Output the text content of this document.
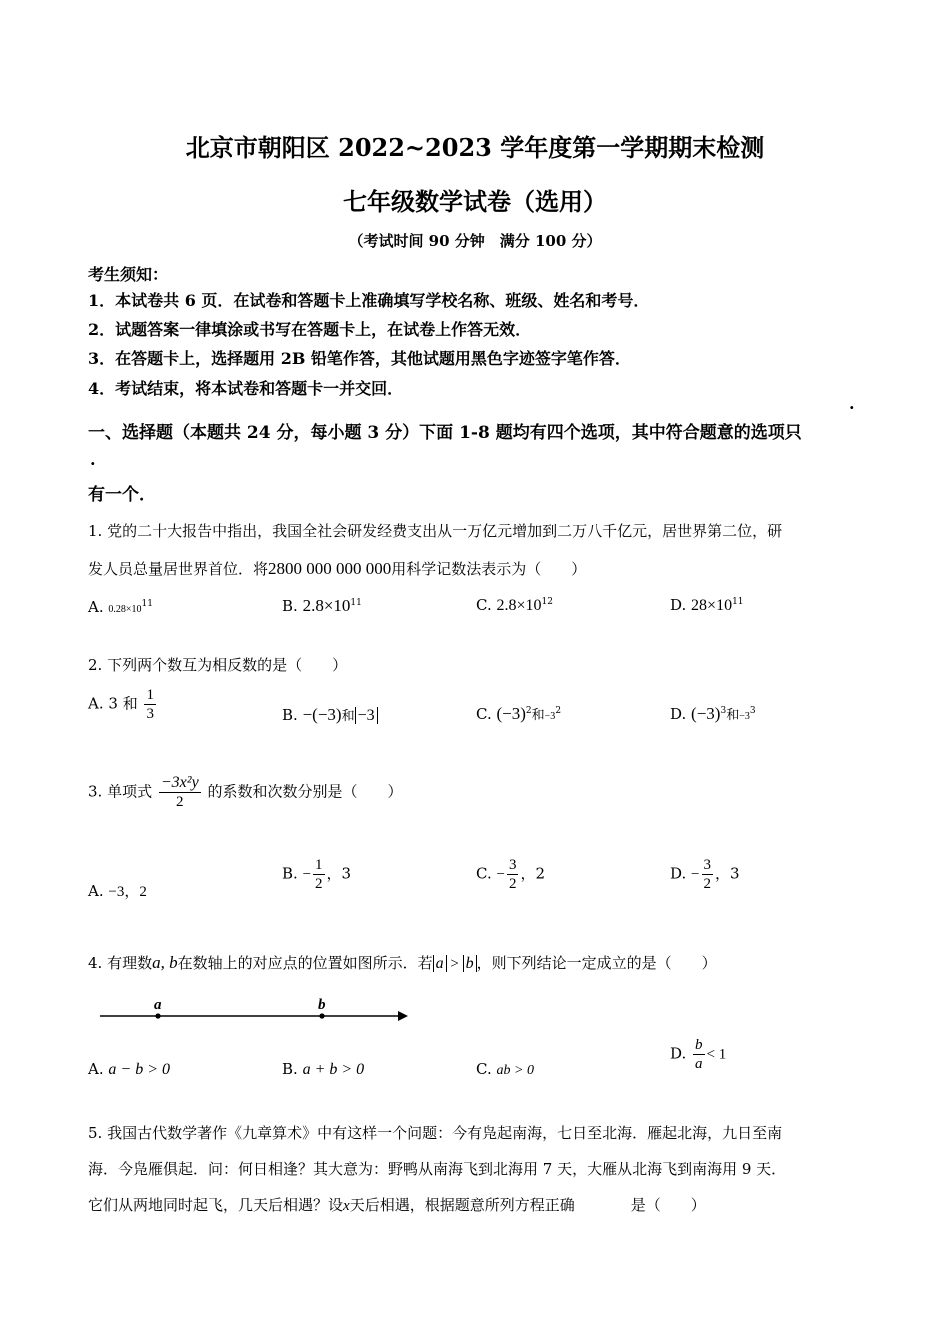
北京市朝阳区 2022~2023 学年度第一学期期末检测
七年级数学试卷（选用）
（考试时间 90 分钟　满分 100 分）
考生须知：
1．本试卷共 6 页．在试卷和答题卡上准确填写学校名称、班级、姓名和考号．
2．试题答案一律填涂或书写在答题卡上，在试卷上作答无效．
3．在答题卡上，选择题用 2B 铅笔作答，其他试题用黑色字迹签字笔作答．
4．考试结束，将本试卷和答题卡一并交回．
一、选择题（本题共 24 分，每小题 3 分）下面 1-8 题均有四个选项，其中符合题意的选项只
·
·
有一个．
1. 党的二十大报告中指出，我国全社会研发经费支出从一万亿元增加到二万八千亿元，居世界第二位，研
发人员总量居世界首位．将2800 000 000 000用科学记数法表示为（　　）
A. $0.28\times 10^{11}$	B. $2.8\times 10^{11}$	C. $2.8\times 10^{12}$	D. $28\times 10^{11}$
2. 下列两个数互为相反数的是（　　）
A. 3 和 $\frac{1}{3}$	B. −(−3)和 −3	C. $(-3)^2$和$-3^2$	D. $(-3)^3$和$-3^3$
3. 单项式 $\frac{\text{−3x²y}}{2}$ 的系数和次数分别是（　　）
A. −3，2
B. − $\frac{1}{2}$ ，3	C. − $\frac{3}{2}$ ，2	D. − $\frac{3}{2}$ ，3
4. 有理数a, b在数轴上的对应点的位置如图所示．若 a > b ，则下列结论一定成立的是（　　）
a	b
A. a − b > 0	B. a + b > 0	C. ab > 0
D. $\frac{b}{a} < 1$
5. 我国古代数学著作《九章算术》中有这样一个问题：今有凫起南海，七日至北海．雁起北海，九日至南
海．今凫雁俱起．问：何日相逢？其大意为：野鸭从南海飞到北海用 7 天，大雁从北海飞到南海用 9 天．
它们从两地同时起飞，几天后相遇？设x天后相遇，根据题意所列方程正确	是（　　）
